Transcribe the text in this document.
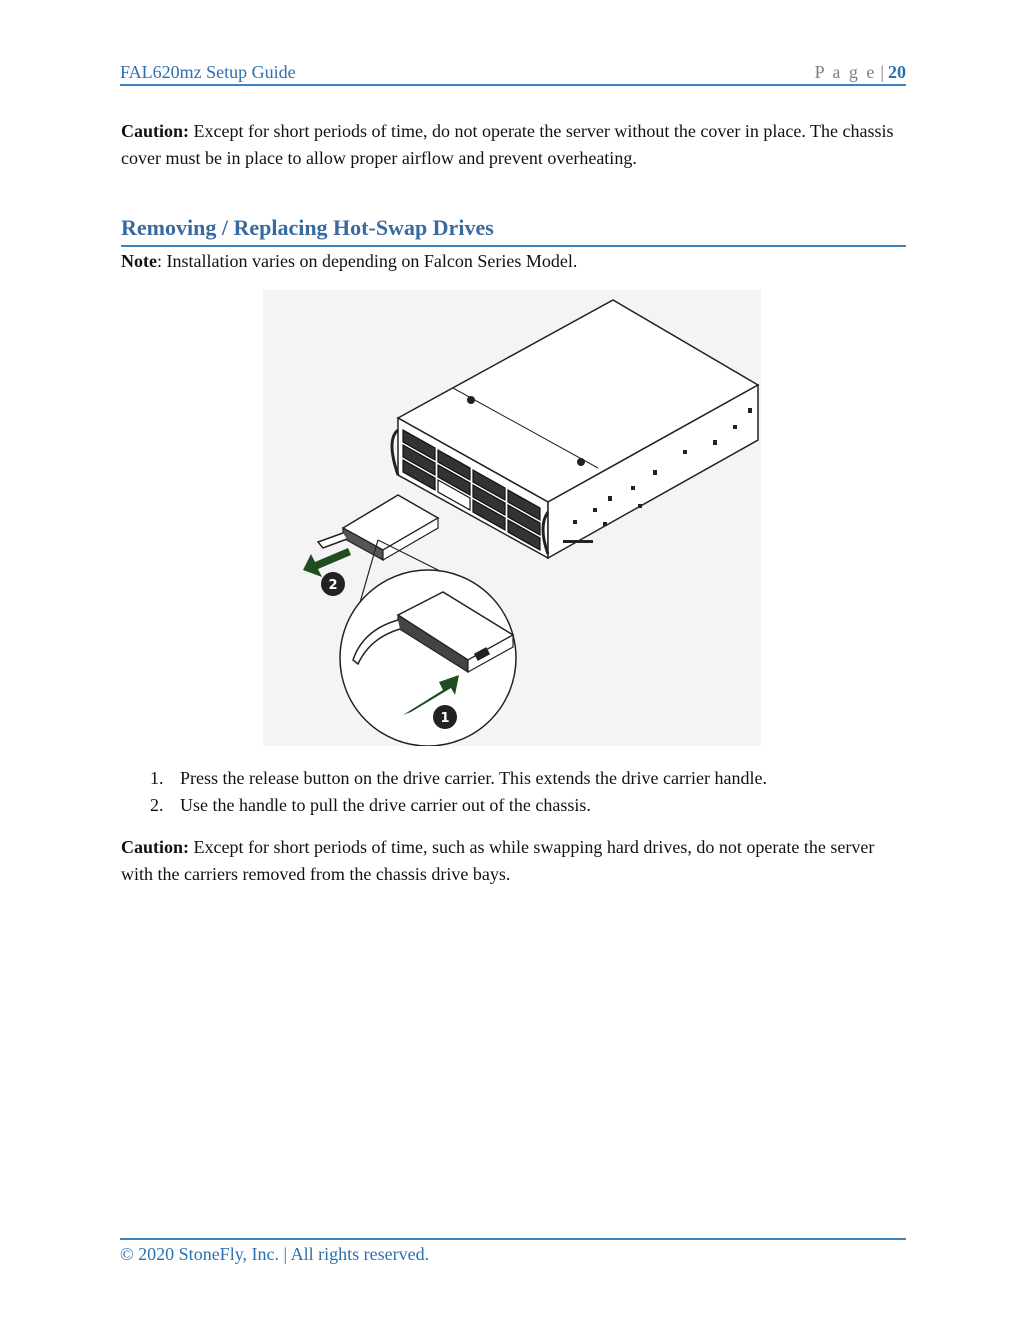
FAL620mz Setup Guide	P a g e | 20

Caution: Except for short periods of time, do not operate the server without the cover in place. The chassis cover must be in place to allow proper airflow and prevent overheating.

Removing / Replacing Hot-Swap Drives

Note: Installation varies on depending on Falcon Series Model.

2
1
1. Press the release button on the drive carrier. This extends the drive carrier handle.
2. Use the handle to pull the drive carrier out of the chassis.

Caution: Except for short periods of time, such as while swapping hard drives, do not operate the server with the carriers removed from the chassis drive bays.

© 2020 StoneFly, Inc. | All rights reserved.
